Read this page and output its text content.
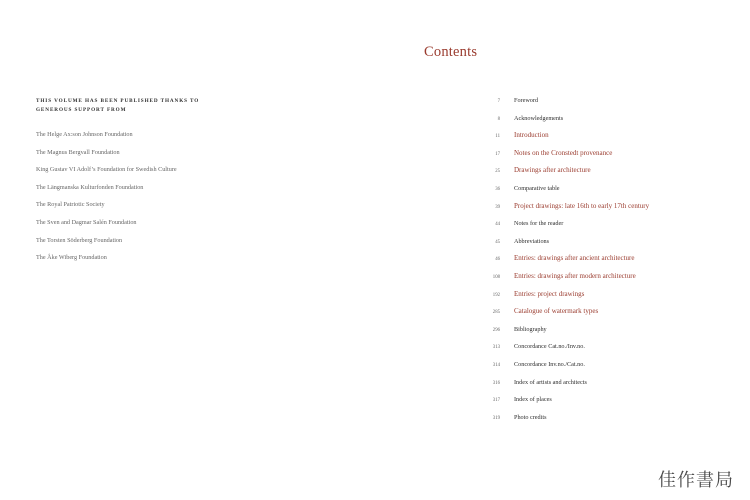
Contents
THIS VOLUME HAS BEEN PUBLISHED THANKS TO GENEROUS SUPPORT FROM
The Helge Ax:son Johnson Foundation
The Magnus Bergvall Foundation
King Gustav VI Adolf’s Foundation for Swedish Culture
The Längmanska Kulturfonden Foundation
The Royal Patriotic Society
The Sven and Dagmar Salén Foundation
The Torsten Söderberg Foundation
The Åke Wiberg Foundation
7 Foreword
8 Acknowledgements
11 Introduction
17 Notes on the Cronstedt provenance
25 Drawings after architecture
36 Comparative table
39 Project drawings: late 16th to early 17th century
44 Notes for the reader
45 Abbreviations
46 Entries: drawings after ancient architecture
108 Entries: drawings after modern architecture
192 Entries: project drawings
285 Catalogue of watermark types
296 Bibliography
313 Concordance Cat.no./Inv.no.
314 Concordance Inv.no./Cat.no.
316 Index of artists and architects
317 Index of places
319 Photo credits
佳作書局
